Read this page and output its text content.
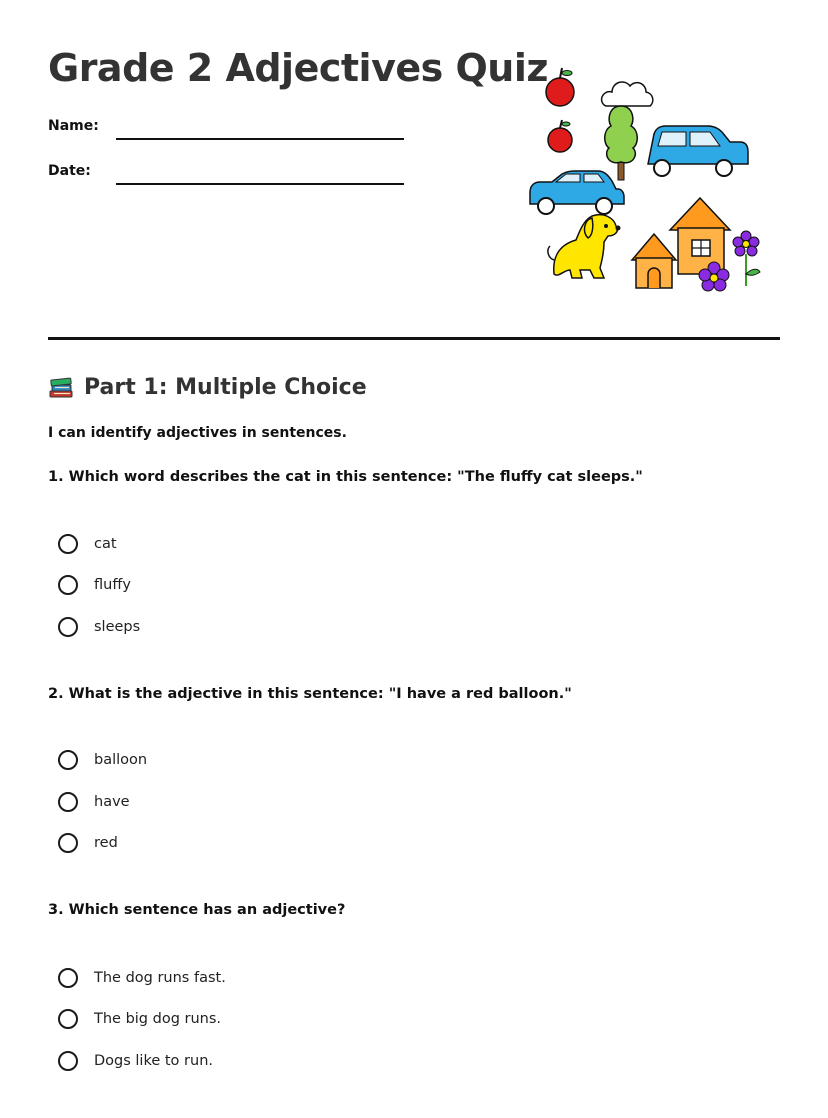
Grade 2 Adjectives Quiz
Name:
Date:
Part 1: Multiple Choice
I can identify adjectives in sentences.
1. Which word describes the cat in this sentence: "The fluffy cat sleeps."
cat
fluffy
sleeps
2. What is the adjective in this sentence: "I have a red balloon."
balloon
have
red
3. Which sentence has an adjective?
The dog runs fast.
The big dog runs.
Dogs like to run.
